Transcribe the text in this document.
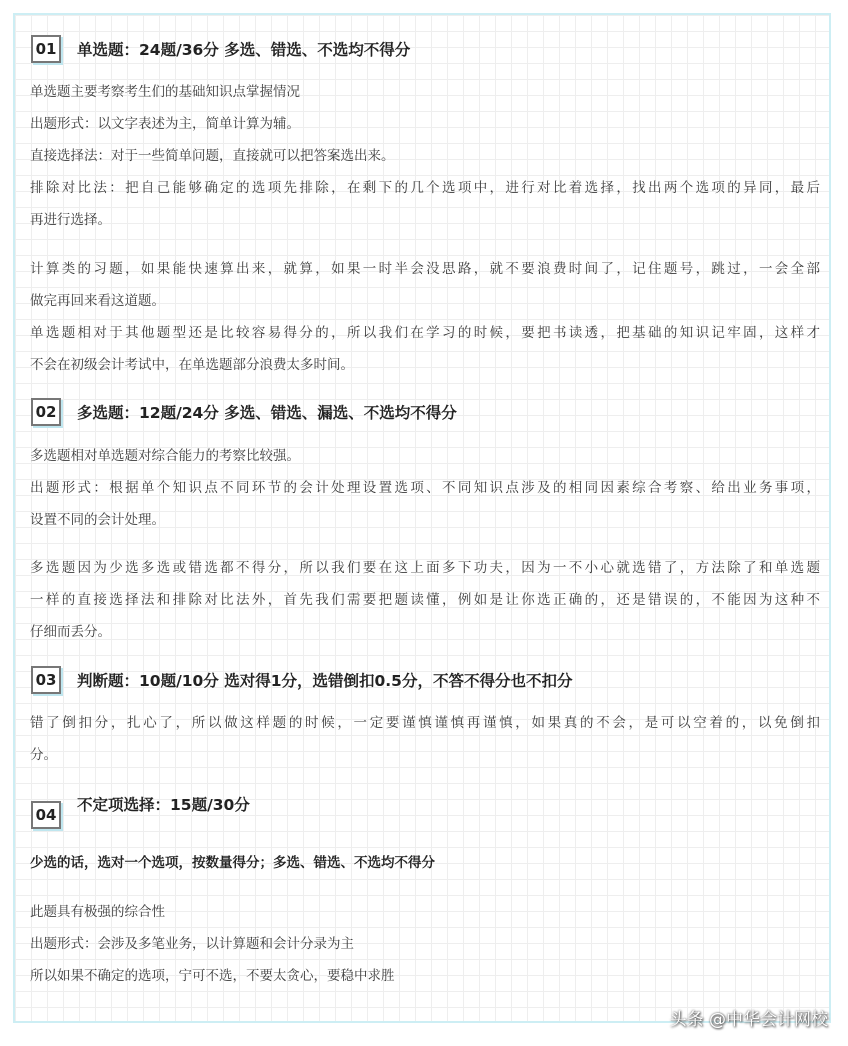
01 单选题：24题/36分 多选、错选、不选均不得分
单选题主要考察考生们的基础知识点掌握情况
出题形式：以文字表述为主，简单计算为辅。
直接选择法：对于一些简单问题，直接就可以把答案选出来。
排除对比法：把自己能够确定的选项先排除，在剩下的几个选项中，进行对比着选择，找出两个选项的异同，最后
再进行选择。
计算类的习题，如果能快速算出来，就算，如果一时半会没思路，就不要浪费时间了，记住题号，跳过，一会全部
做完再回来看这道题。
单选题相对于其他题型还是比较容易得分的，所以我们在学习的时候，要把书读透，把基础的知识记牢固，这样才
不会在初级会计考试中，在单选题部分浪费太多时间。
02 多选题：12题/24分 多选、错选、漏选、不选均不得分
多选题相对单选题对综合能力的考察比较强。
出题形式：根据单个知识点不同环节的会计处理设置选项、不同知识点涉及的相同因素综合考察、给出业务事项，
设置不同的会计处理。
多选题因为少选多选或错选都不得分，所以我们要在这上面多下功夫，因为一不小心就选错了，方法除了和单选题
一样的直接选择法和排除对比法外，首先我们需要把题读懂，例如是让你选正确的，还是错误的，不能因为这种不
仔细而丢分。
03 判断题：10题/10分 选对得1分，选错倒扣0.5分，不答不得分也不扣分
错了倒扣分，扎心了，所以做这样题的时候，一定要谨慎谨慎再谨慎，如果真的不会，是可以空着的，以免倒扣
分。
04
不定项选择：15题/30分
少选的话，选对一个选项，按数量得分；多选、错选、不选均不得分
此题具有极强的综合性
出题形式：会涉及多笔业务，以计算题和会计分录为主
所以如果不确定的选项，宁可不选，不要太贪心，要稳中求胜
头条 @中华会计网校
